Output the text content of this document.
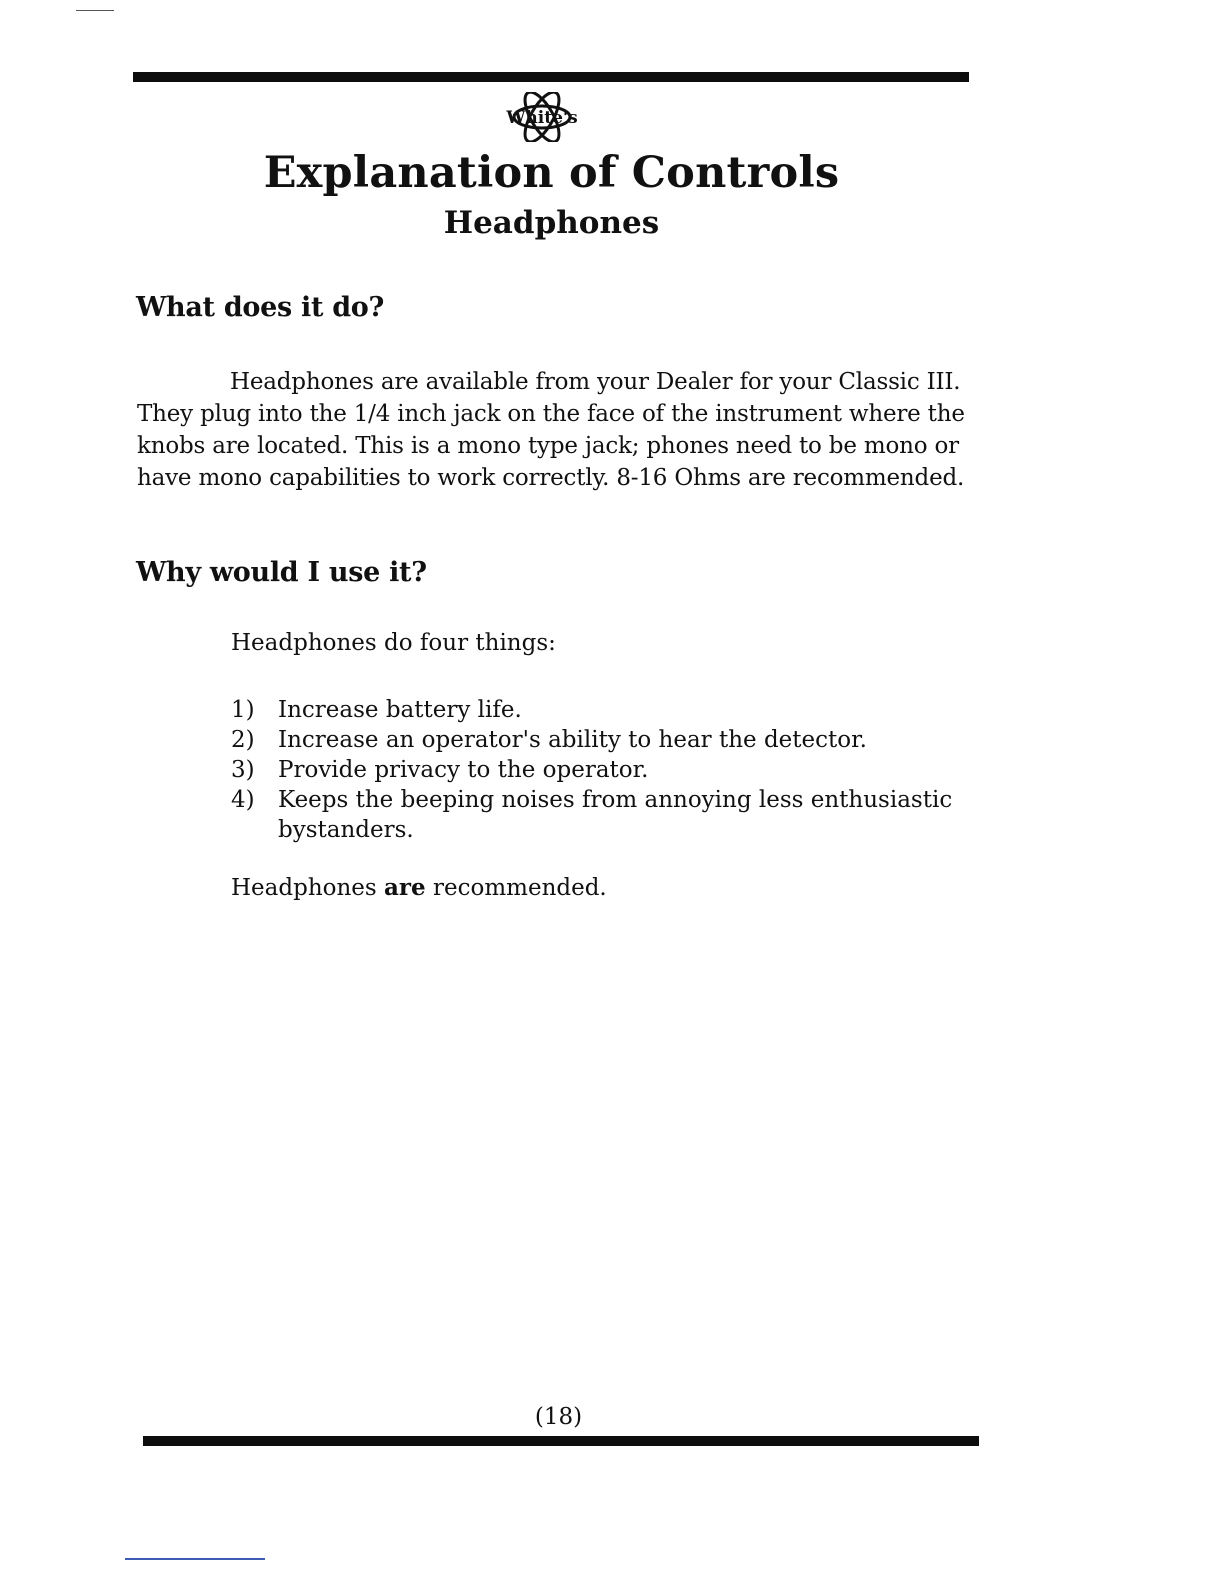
White's
Explanation of Controls
Headphones
What does it do?
Headphones are available from your Dealer for your Classic III. They plug into the 1/4 inch jack on the face of the instrument where the knobs are located. This is a mono type jack; phones need to be mono or have mono capabilities to work correctly. 8-16 Ohms are recommended.
Why would I use it?
Headphones do four things:
1)	Increase battery life.
2)	Increase an operator's ability to hear the detector.
3)	Provide privacy to the operator.
4)	Keeps the beeping noises from annoying less enthusiastic bystanders.
Headphones are recommended.
(18)
